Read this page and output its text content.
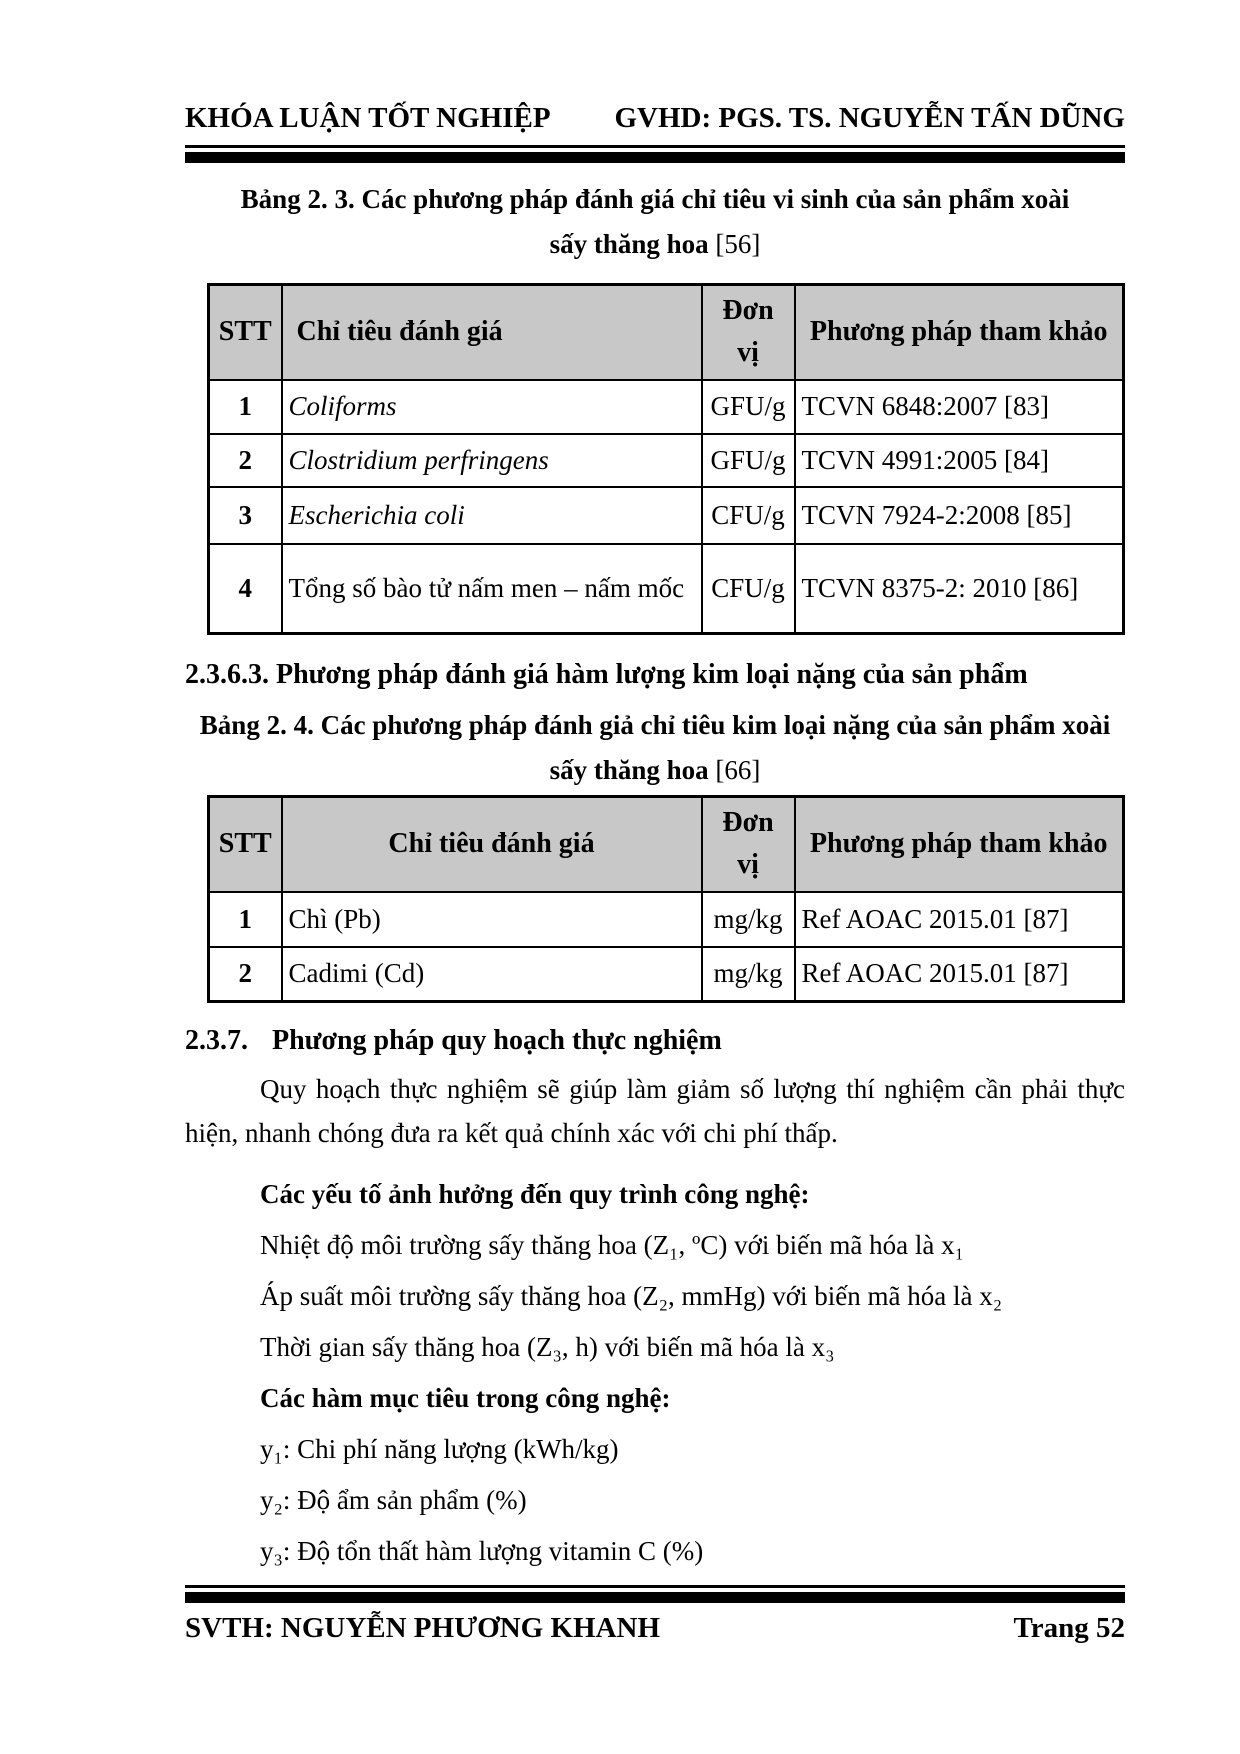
KHÓA LUẬN TỐT NGHIỆP GVHD: PGS. TS. NGUYỄN TẤN DŨNG
Bảng 2. 3. Các phương pháp đánh giá chỉ tiêu vi sinh của sản phẩm xoài
sấy thăng hoa [56]
STT	Chỉ tiêu đánh giá	Đơn vị	Phương pháp tham khảo
1	Coliforms	GFU/g	TCVN 6848:2007 [83]
2	Clostridium perfringens	GFU/g	TCVN 4991:2005 [84]
3	Escherichia coli	CFU/g	TCVN 7924-2:2008 [85]
4	Tổng số bào tử nấm men – nấm mốc	CFU/g	TCVN 8375-2: 2010 [86]
2.3.6.3. Phương pháp đánh giá hàm lượng kim loại nặng của sản phẩm
Bảng 2. 4. Các phương pháp đánh giả chỉ tiêu kim loại nặng của sản phẩm xoài
sấy thăng hoa [66]
STT	Chỉ tiêu đánh giá	Đơn vị	Phương pháp tham khảo
1	Chì (Pb)	mg/kg	Ref AOAC 2015.01 [87]
2	Cadimi (Cd)	mg/kg	Ref AOAC 2015.01 [87]
2.3.7. Phương pháp quy hoạch thực nghiệm
Quy hoạch thực nghiệm sẽ giúp làm giảm số lượng thí nghiệm cần phải thực hiện, nhanh chóng đưa ra kết quả chính xác với chi phí thấp.
Các yếu tố ảnh hưởng đến quy trình công nghệ:
Nhiệt độ môi trường sấy thăng hoa (Z₁, ºC) với biến mã hóa là x₁
Áp suất môi trường sấy thăng hoa (Z₂, mmHg) với biến mã hóa là x₂
Thời gian sấy thăng hoa (Z₃, h) với biến mã hóa là x₃
Các hàm mục tiêu trong công nghệ:
y₁: Chi phí năng lượng (kWh/kg)
y₂: Độ ẩm sản phẩm (%)
y₃: Độ tổn thất hàm lượng vitamin C (%)
SVTH: NGUYỄN PHƯƠNG KHANH	Trang 52
